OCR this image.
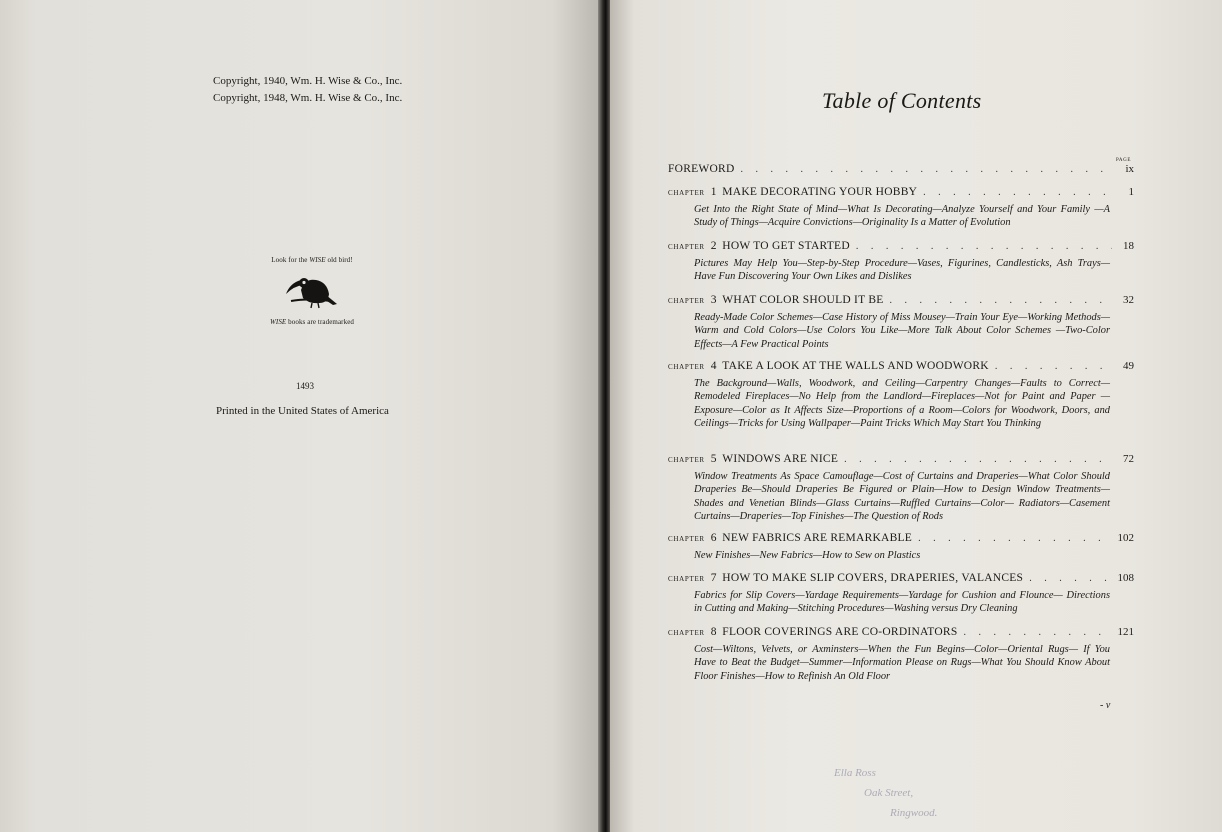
Copyright, 1940, Wm. H. Wise & Co., Inc.
Copyright, 1948, Wm. H. Wise & Co., Inc.
Look for the WISE old bird!
WISE books are trademarked
1493
Printed in the United States of America
Table of Contents
PAGE
FOREWORD . . .	ix
CHAPTER 1
MAKE DECORATING YOUR HOBBY . . .	1
Get Into the Right State of Mind—What Is Decorating—Analyze Yourself and Your Family —A Study of Things—Acquire Convictions—Originality Is a Matter of Evolution
CHAPTER 2
HOW TO GET STARTED . . .	18
Pictures May Help You—Step-by-Step Procedure—Vases, Figurines, Candlesticks, Ash Trays—Have Fun Discovering Your Own Likes and Dislikes
CHAPTER 3
WHAT COLOR SHOULD IT BE . . .	32
Ready-Made Color Schemes—Case History of Miss Mousey—Train Your Eye—Working Methods—Warm and Cold Colors—Use Colors You Like—More Talk About Color Schemes —Two-Color Effects—A Few Practical Points
CHAPTER 4
TAKE A LOOK AT THE WALLS AND WOODWORK . . .	49
The Background—Walls, Woodwork, and Ceiling—Carpentry Changes—Faults to Correct— Remodeled Fireplaces—No Help from the Landlord—Fireplaces—Not for Paint and Paper —Exposure—Color as It Affects Size—Proportions of a Room—Colors for Woodwork, Doors, and Ceilings—Tricks for Using Wallpaper—Paint Tricks Which May Start You Thinking
CHAPTER 5
WINDOWS ARE NICE . . .	72
Window Treatments As Space Camouflage—Cost of Curtains and Draperies—What Color Should Draperies Be—Should Draperies Be Figured or Plain—How to Design Window Treatments—Shades and Venetian Blinds—Glass Curtains—Ruffled Curtains—Color— Radiators—Casement Curtains—Draperies—Top Finishes—The Question of Rods
CHAPTER 6
NEW FABRICS ARE REMARKABLE . . .	102
New Finishes—New Fabrics—How to Sew on Plastics
CHAPTER 7
HOW TO MAKE SLIP COVERS, DRAPERIES, VALANCES . . .	108
Fabrics for Slip Covers—Yardage Requirements—Yardage for Cushion and Flounce— Directions in Cutting and Making—Stitching Procedures—Washing versus Dry Cleaning
CHAPTER 8
FLOOR COVERINGS ARE CO-ORDINATORS . . .	121
Cost—Wiltons, Velvets, or Axminsters—When the Fun Begins—Color—Oriental Rugs— If You Have to Beat the Budget—Summer—Information Please on Rugs—What You Should Know About Floor Finishes—How to Refinish An Old Floor
- v
Ella Ross
Oak Street,
Ringwood.
